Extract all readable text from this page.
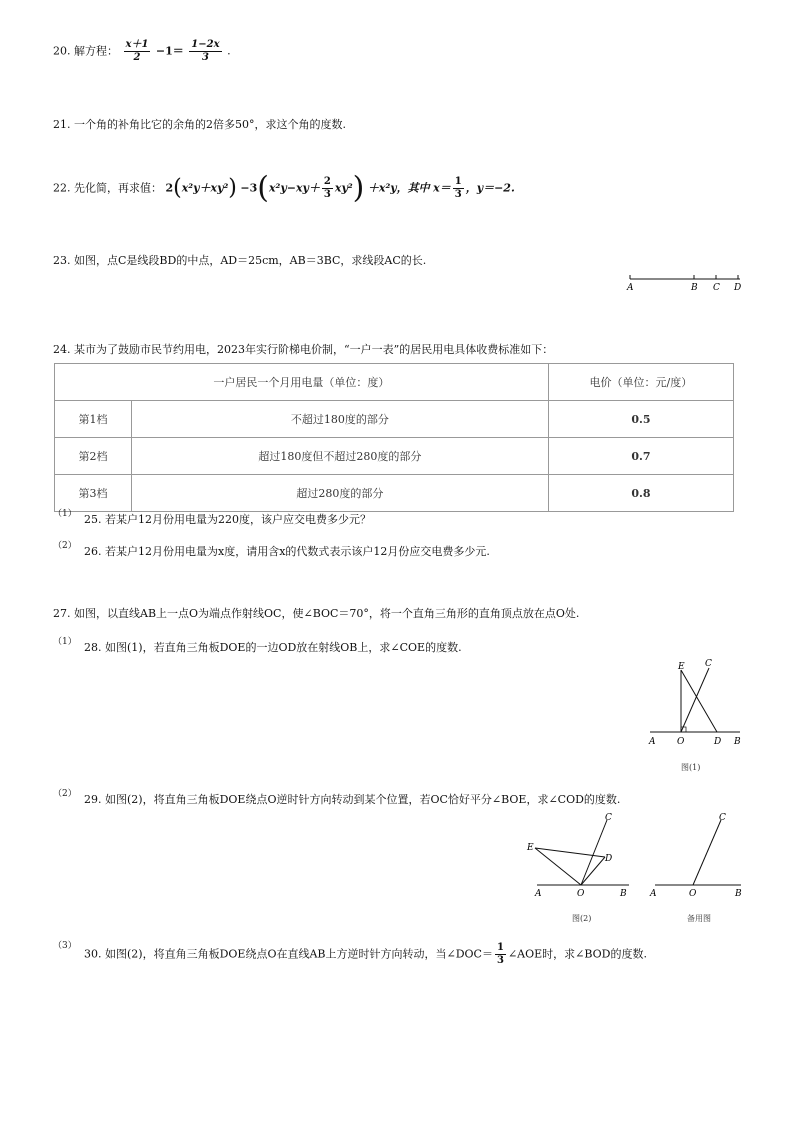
20. 解方程： $\frac{x+1}{2} -1= \frac{1-2x}{3}$ .
21. 一个角的补角比它的余角的2倍多50°，求这个角的度数.
22. 先化简，再求值： $2(x^2y+xy^2) -3(x^2y-xy+ \frac{2}{3} xy^2) +x^2y$，其中 $x= \frac{1}{3}$ ，y＝−2.
23. 如图，点C是线段BD的中点，AD＝25cm，AB＝3BC，求线段AC的长.
A	B C D
24. 某市为了鼓励市民节约用电，2023年实行阶梯电价制，“一户一表”的居民用电具体收费标准如下：
一户居民一个月用电量（单位：度）		电价（单位：元/度）
第1档	不超过180度的部分	0.5
第2档	超过180度但不超过280度的部分	0.7
第3档	超过280度的部分	0.8
（1） 25. 若某户12月份用电量为220度，该户应交电费多少元？
（2） 26. 若某户12月份用电量为x度，请用含x的代数式表示该户12月份应交电费多少元.
27. 如图，以直线AB上一点O为端点作射线OC，使∠BOC＝70°，将一个直角三角形的直角顶点放在点O处.
（1） 28. 如图(1)，若直角三角板DOE的一边OD放在射线OB上，求∠COE的度数.
E C
A O	D B
图(1)
（2） 29. 如图(2)，将直角三角板DOE绕点O逆时针方向转动到某个位置，若OC恰好平分∠BOE，求∠COD的度数.
C
E
D
A	O	B
图(2)
C
A	O	B
备用图
（3）
30. 如图(2)，将直角三角板DOE绕点O在直线AB上方逆时针方向转动，当∠DOC＝ $\frac{1}{3}$ ∠AOE时，求∠BOD的度数.
